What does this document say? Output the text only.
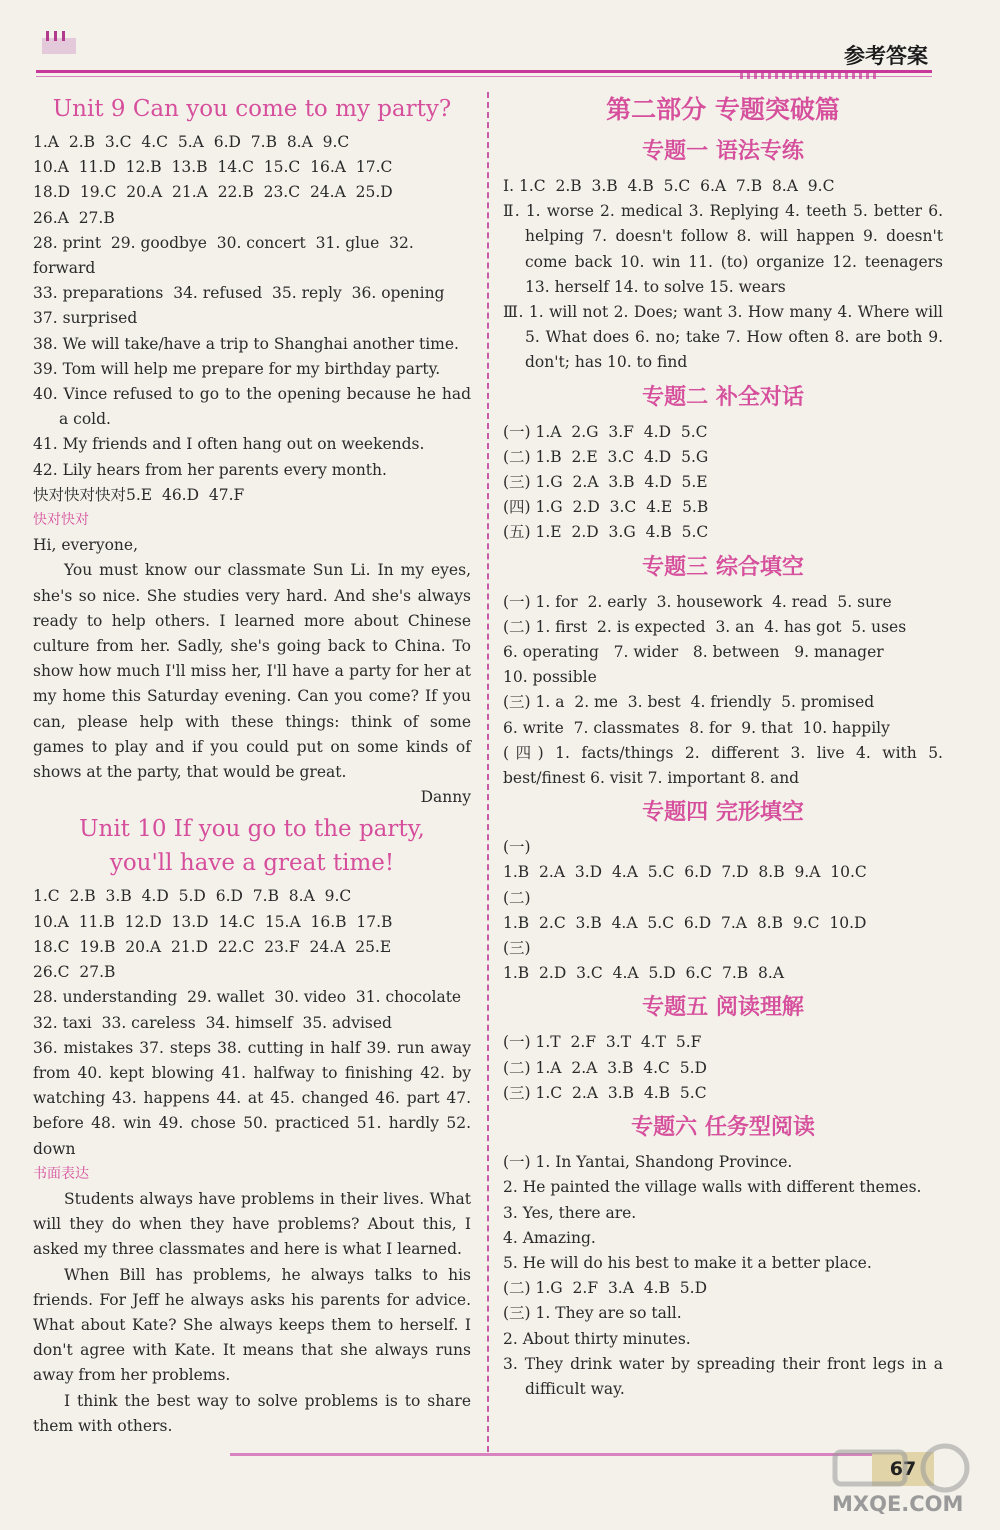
参考答案
Unit 9 Can you come to my party?
1.A  2.B  3.C  4.C  5.A  6.D  7.B  8.A  9.C
10.A  11.D  12.B  13.B  14.C  15.C  16.A  17.C
18.D  19.C  20.A  21.A  22.B  23.C  24.A  25.D
26.A  27.B
28. print  29. goodbye  30. concert  31. glue  32. forward
33. preparations  34. refused  35. reply  36. opening
37. surprised
38. We will take/have a trip to Shanghai another time.
39. Tom will help me prepare for my birthday party.
40. Vince refused to go to the opening because he had a cold.
41. My friends and I often hang out on weekends.
42. Lily hears from her parents every month.
快对快对快对5.E  46.D  47.F
快对快对
Hi, everyone,
You must know our classmate Sun Li. In my eyes, she's so nice. She studies very hard. And she's always ready to help others. I learned more about Chinese culture from her. Sadly, she's going back to China. To show how much I'll miss her, I'll have a party for her at my home this Saturday evening. Can you come? If you can, please help with these things: think of some games to play and if you could put on some kinds of shows at the party, that would be great.
Danny
Unit 10 If you go to the party,
you'll have a great time!
1.C  2.B  3.B  4.D  5.D  6.D  7.B  8.A  9.C
10.A  11.B  12.D  13.D  14.C  15.A  16.B  17.B
18.C  19.B  20.A  21.D  22.C  23.F  24.A  25.E
26.C  27.B
28. understanding  29. wallet  30. video  31. chocolate
32. taxi  33. careless  34. himself  35. advised
36. mistakes 37. steps 38. cutting in half 39. run away from 40. kept blowing 41. halfway to finishing 42. by watching 43. happens 44. at 45. changed 46. part 47. before 48. win 49. chose 50. practiced 51. hardly 52. down
书面表达
Students always have problems in their lives. What will they do when they have problems? About this, I asked my three classmates and here is what I learned.
When Bill has problems, he always talks to his friends. For Jeff he always asks his parents for advice. What about Kate? She always keeps them to herself. I don't agree with Kate. It means that she always runs away from her problems.
I think the best way to solve problems is to share them with others.
第二部分 专题突破篇
专题一 语法专练
Ⅰ. 1.C  2.B  3.B  4.B  5.C  6.A  7.B  8.A  9.C
Ⅱ. 1. worse 2. medical 3. Replying 4. teeth 5. better 6. helping 7. doesn't follow 8. will happen 9. doesn't come back 10. win 11. (to) organize 12. teenagers 13. herself 14. to solve 15. wears
Ⅲ. 1. will not 2. Does; want 3. How many 4. Where will 5. What does 6. no; take 7. How often 8. are both 9. don't; has 10. to find
专题二 补全对话
(一) 1.A  2.G  3.F  4.D  5.C
(二) 1.B  2.E  3.C  4.D  5.G
(三) 1.G  2.A  3.B  4.D  5.E
(四) 1.G  2.D  3.C  4.E  5.B
(五) 1.E  2.D  3.G  4.B  5.C
专题三 综合填空
(一) 1. for  2. early  3. housework  4. read  5. sure
(二) 1. first  2. is expected  3. an  4. has got  5. uses
6. operating   7. wider   8. between   9. manager
10. possible
(三) 1. a  2. me  3. best  4. friendly  5. promised
6. write  7. classmates  8. for  9. that  10. happily
(四) 1. facts/things 2. different 3. live 4. with 5. best/finest 6. visit 7. important 8. and
专题四 完形填空
(一)
1.B  2.A  3.D  4.A  5.C  6.D  7.D  8.B  9.A  10.C
(二)
1.B  2.C  3.B  4.A  5.C  6.D  7.A  8.B  9.C  10.D
(三)
1.B  2.D  3.C  4.A  5.D  6.C  7.B  8.A
专题五 阅读理解
(一) 1.T  2.F  3.T  4.T  5.F
(二) 1.A  2.A  3.B  4.C  5.D
(三) 1.C  2.A  3.B  4.B  5.C
专题六 任务型阅读
(一) 1. In Yantai, Shandong Province.
2. He painted the village walls with different themes.
3. Yes, there are.
4. Amazing.
5. He will do his best to make it a better place.
(二) 1.G  2.F  3.A  4.B  5.D
(三) 1. They are so tall.
2. About thirty minutes.
3. They drink water by spreading their front legs in a difficult way.
67
MXQE.COM
